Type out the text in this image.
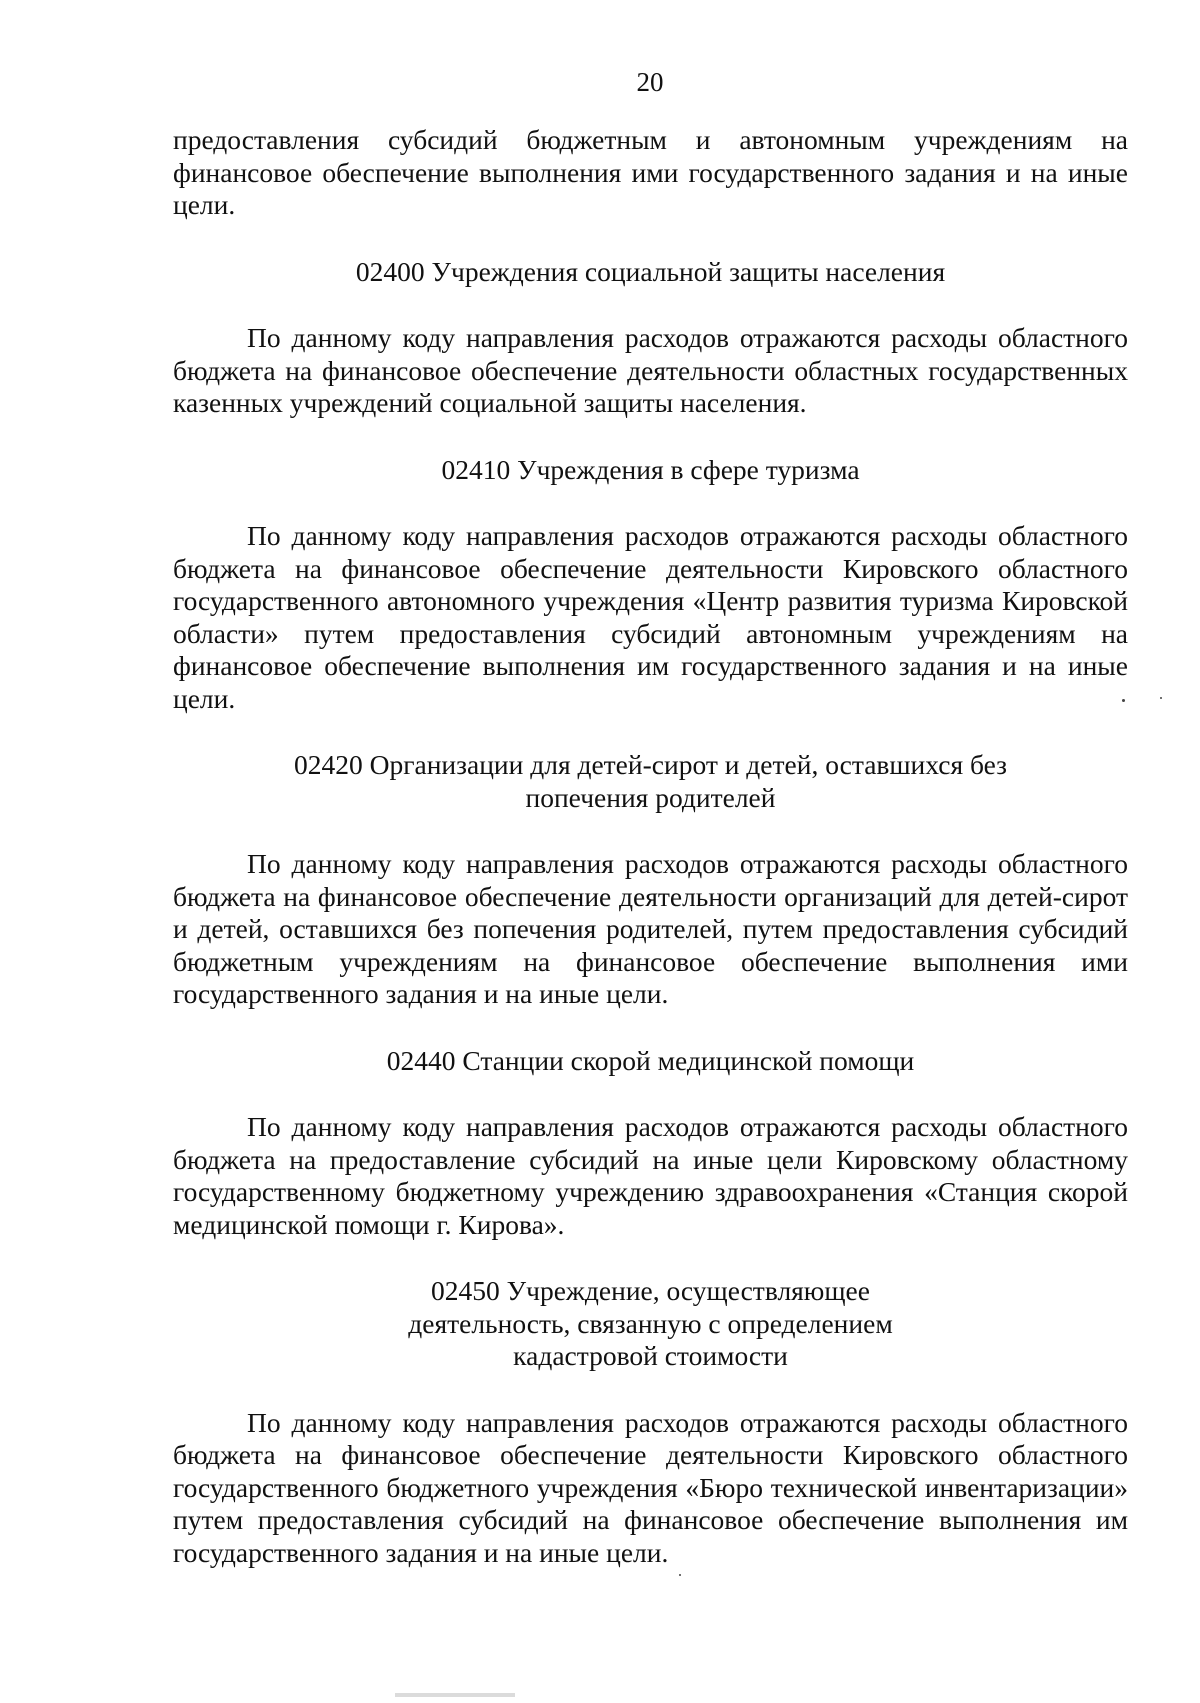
20

предоставления субсидий бюджетным и автономным учреждениям на финансовое обеспечение выполнения ими государственного задания и на иные цели.

02400 Учреждения социальной защиты населения

По данному коду направления расходов отражаются расходы областного бюджета на финансовое обеспечение деятельности областных государственных казенных учреждений социальной защиты населения.

02410 Учреждения в сфере туризма

По данному коду направления расходов отражаются расходы областного бюджета на финансовое обеспечение деятельности Кировского областного государственного автономного учреждения «Центр развития туризма Кировской области» путем предоставления субсидий автономным учреждениям на финансовое обеспечение выполнения им государственного задания и на иные цели.

02420 Организации для детей-сирот и детей, оставшихся без попечения родителей

По данному коду направления расходов отражаются расходы областного бюджета на финансовое обеспечение деятельности организаций для детей-сирот и детей, оставшихся без попечения родителей, путем предоставления субсидий бюджетным учреждениям на финансовое обеспечение выполнения ими государственного задания и на иные цели.

02440 Станции скорой медицинской помощи

По данному коду направления расходов отражаются расходы областного бюджета на предоставление субсидий на иные цели Кировскому областному государственному бюджетному учреждению здравоохранения «Станция скорой медицинской помощи г. Кирова».

02450 Учреждение, осуществляющее деятельность, связанную с определением кадастровой стоимости

По данному коду направления расходов отражаются расходы областного бюджета на финансовое обеспечение деятельности Кировского областного государственного бюджетного учреждения «Бюро технической инвентаризации» путем предоставления субсидий на финансовое обеспечение выполнения им государственного задания и на иные цели.
